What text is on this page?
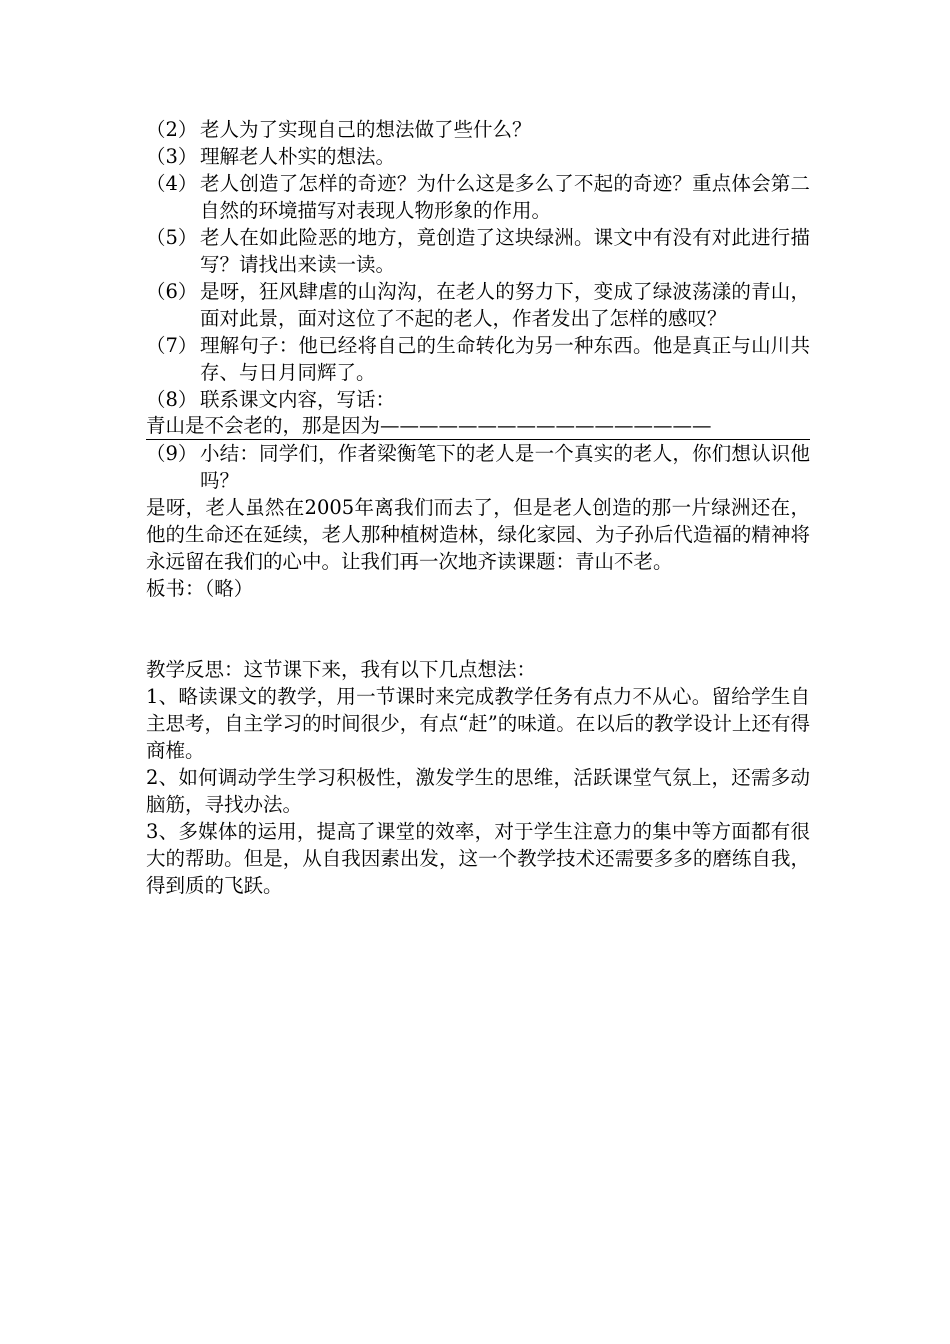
（2） 老人为了实现自己的想法做了些什么？
（3） 理解老人朴实的想法。
（4） 老人创造了怎样的奇迹？为什么这是多么了不起的奇迹？重点体会第二自然的环境描写对表现人物形象的作用。
（5） 老人在如此险恶的地方，竟创造了这块绿洲。课文中有没有对此进行描写？请找出来读一读。
（6） 是呀，狂风肆虐的山沟沟，在老人的努力下，变成了绿波荡漾的青山，面对此景，面对这位了不起的老人，作者发出了怎样的感叹？
（7） 理解句子：他已经将自己的生命转化为另一种东西。他是真正与山川共存、与日月同辉了。
（8） 联系课文内容，写话：

青山是不会老的，那是因为—————————————————

（9） 小结：同学们，作者梁衡笔下的老人是一个真实的老人，你们想认识他吗？

是呀，老人虽然在2005年离我们而去了，但是老人创造的那一片绿洲还在，他的生命还在延续，老人那种植树造林，绿化家园、为子孙后代造福的精神将永远留在我们的心中。让我们再一次地齐读课题：青山不老。

板书：（略）

教学反思：这节课下来，我有以下几点想法：

1、略读课文的教学，用一节课时来完成教学任务有点力不从心。留给学生自主思考，自主学习的时间很少，有点“赶”的味道。在以后的教学设计上还有得商榷。

2、如何调动学生学习积极性，激发学生的思维，活跃课堂气氛上，还需多动脑筋，寻找办法。

3、多媒体的运用，提高了课堂的效率，对于学生注意力的集中等方面都有很大的帮助。但是，从自我因素出发，这一个教学技术还需要多多的磨练自我，得到质的飞跃。
